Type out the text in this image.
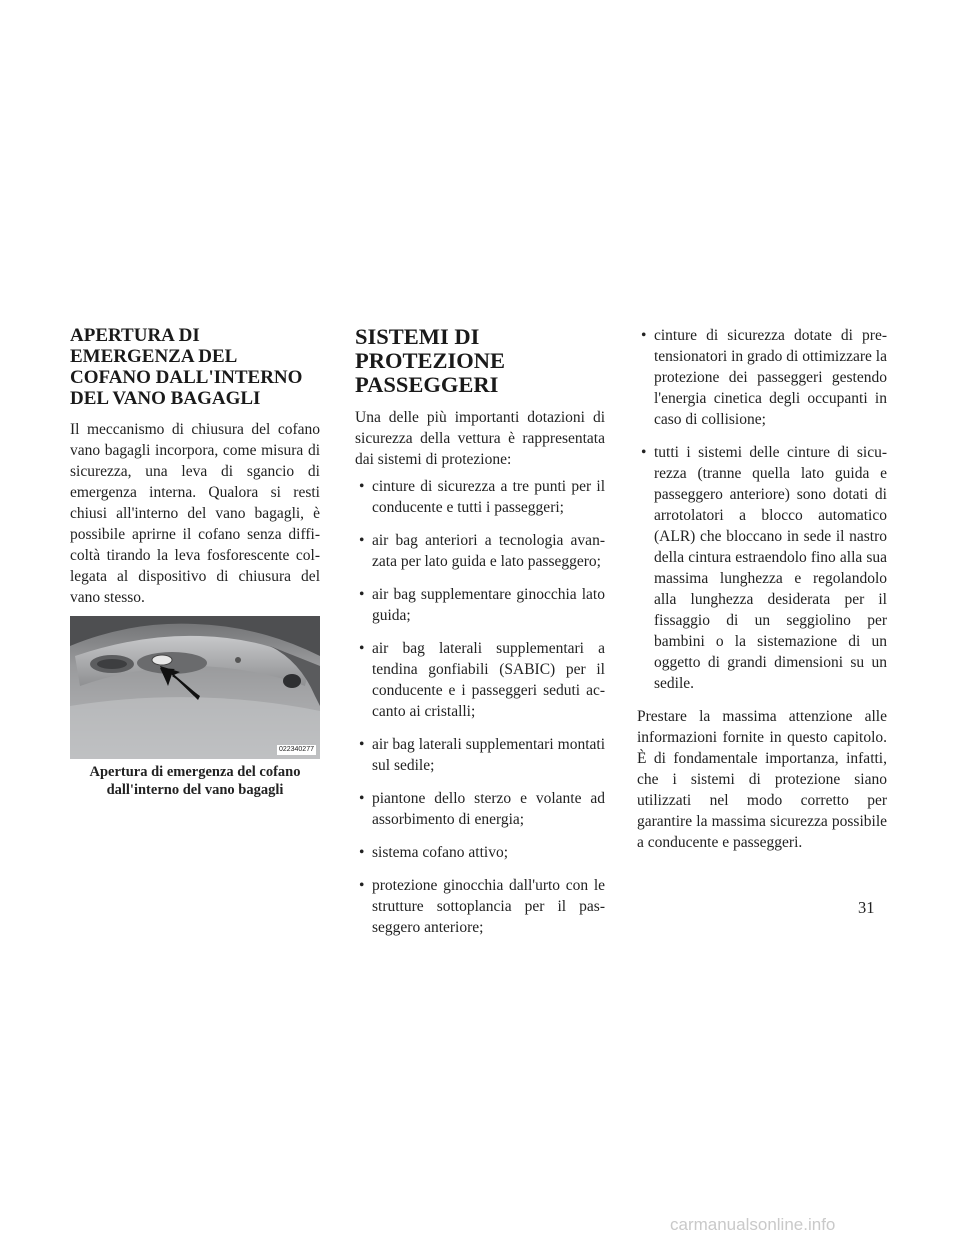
APERTURA DI
EMERGENZA DEL
COFANO DALL'INTERNO
DEL VANO BAGAGLI

Il meccanismo di chiusura del cofano vano bagagli incorpora, come misura di sicurezza, una leva di sgancio di emergenza interna. Qualora si resti chiusi all'interno del vano bagagli, è possibile aprirne il cofano senza difficoltà tirando la leva fosforescente collegata al dispositivo di chiusura del vano stesso.

022340277
Apertura di emergenza del cofano
dall'interno del vano bagagli
SISTEMI DI
PROTEZIONE
PASSEGGERI

Una delle più importanti dotazioni di sicurezza della vettura è rappresentata dai sistemi di protezione:

• cinture di sicurezza a tre punti per il conducente e tutti i passeggeri;
• air bag anteriori a tecnologia avanzata per lato guida e lato passeggero;
• air bag supplementare ginocchia lato guida;
• air bag laterali supplementari a tendina gonfiabili (SABIC) per il conducente e i passeggeri seduti accanto ai cristalli;
• air bag laterali supplementari montati sul sedile;
• piantone dello sterzo e volante ad assorbimento di energia;
• sistema cofano attivo;
• protezione ginocchia dall'urto con le strutture sottoplancia per il passeggero anteriore;
• cinture di sicurezza dotate di pretensionatori in grado di ottimizzare la protezione dei passeggeri gestendo l'energia cinetica degli occupanti in caso di collisione;
• tutti i sistemi delle cinture di sicurezza (tranne quella lato guida e passeggero anteriore) sono dotati di arrotolatori a blocco automatico (ALR) che bloccano in sede il nastro della cintura estraendolo fino alla sua massima lunghezza e regolandolo alla lunghezza desiderata per il fissaggio di un seggiolino per bambini o la sistemazione di un oggetto di grandi dimensioni su un sedile.

Prestare la massima attenzione alle informazioni fornite in questo capitolo. È di fondamentale importanza, infatti, che i sistemi di protezione siano utilizzati nel modo corretto per garantire la massima sicurezza possibile a conducente e passeggeri.

31
carmanualsonline.info
